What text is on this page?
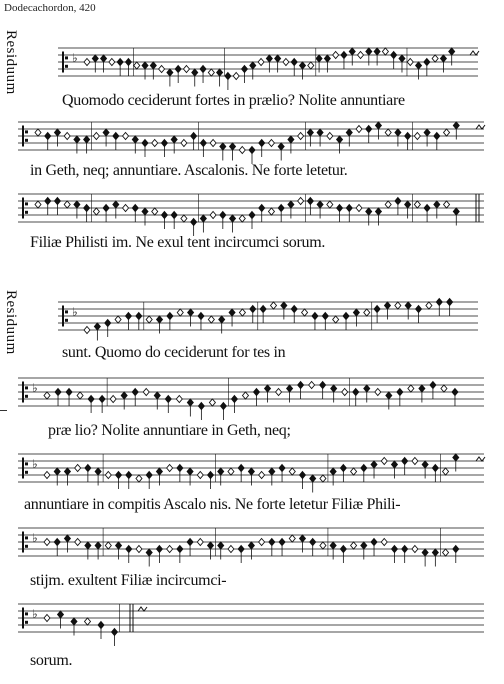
Dodecachordon, 420
Residuum
Residuum
♭
Quomodo ceciderunt fortes in prælio? Nolite annuntiare
in Geth, neq; annuntiare. Ascalonis. Ne forte letetur.
Filiæ Philisti im. Ne exul tent incircumci sorum.
♭
sunt. Quomo do ceciderunt for tes in
♭
præ lio? Nolite annuntiare in Geth, neq;
♭
annuntiare in compitis Ascalo nis. Ne forte letetur Filiæ Phili-
♭
stijm. exultent Filiæ incircumci-
♭
sorum.
